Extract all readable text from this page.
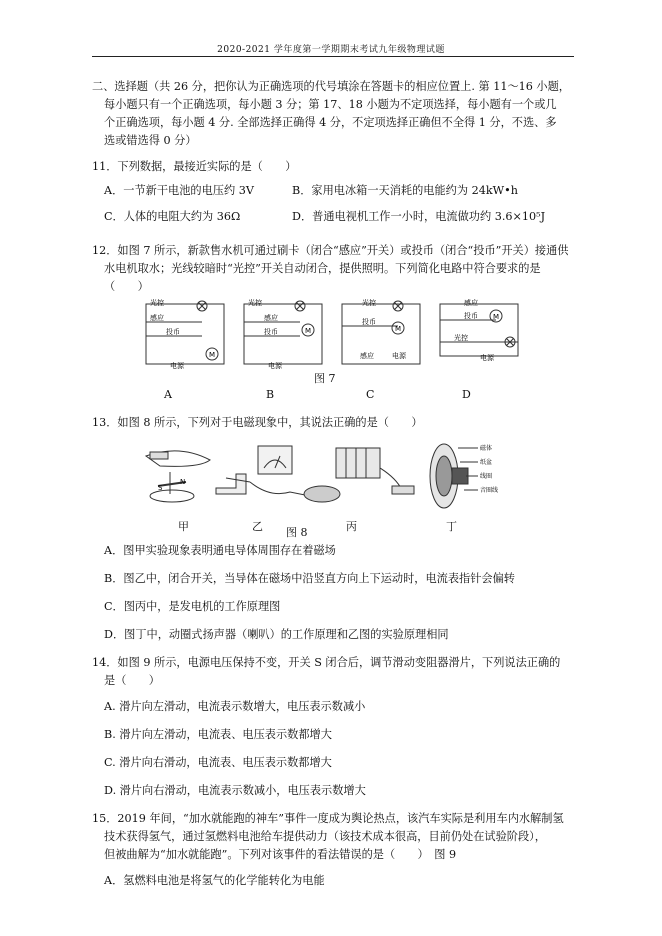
2020-2021 学年度第一学期期末考试九年级物理试题
二、选择题（共 26 分，把你认为正确选项的代号填涂在答题卡的相应位置上. 第 11～16 小题，
每小题只有一个正确选项，每小题 3 分；第 17、18 小题为不定项选择，每小题有一个或几
个正确选项，每小题 4 分. 全部选择正确得 4 分，不定项选择正确但不全得 1 分，不选、多
选或错选得 0 分）
11．下列数据，最接近实际的是（　　）
A．一节新干电池的电压约 3V	B．家用电冰箱一天消耗的电能约为 24kW•h
C．人体的电阻大约为 36Ω	D．普通电视机工作一小时，电流做功约 3.6×10⁵J
12．如图 7 所示，新款售水机可通过刷卡（闭合“感应”开关）或投币（闭合“投币”开关）接通供
水电机取水；光线较暗时“光控”开关自动闭合，提供照明。下列简化电路中符合要求的是
（　　）
光控
感应
投币
电源
M
光控
感应
投币
电源
M
光控
投币
感应	电源
M
感应
投币
光控
电源
M
图 7
A	B	C	D
13．如图 8 所示，下列对于电磁现象中，其说法正确的是（　　）
S
N
磁体
纸盆
线圈
音圈线
甲	乙	丙	丁
图 8
A．图甲实验现象表明通电导体周围存在着磁场
B．图乙中，闭合开关，当导体在磁场中沿竖直方向上下运动时，电流表指针会偏转
C．图丙中，是发电机的工作原理图
D．图丁中，动圈式扬声器（喇叭）的工作原理和乙图的实验原理相同
14．如图 9 所示，电源电压保持不变，开关 S 闭合后，调节滑动变阻器滑片，下列说法正确的
是（　　）
A. 滑片向左滑动，电流表示数增大，电压表示数减小
B. 滑片向左滑动，电流表、电压表示数都增大
C. 滑片向右滑动，电流表、电压表示数都增大
D. 滑片向右滑动，电流表示数减小，电压表示数增大
15．2019 年间，“加水就能跑的神车”事件一度成为舆论热点，该汽车实际是利用车内水解制氢
技术获得氢气，通过氢燃料电池给车提供动力（该技术成本很高，目前仍处在试验阶段），
但被曲解为“加水就能跑”。下列对该事件的看法错误的是（　　）　图 9
A．氢燃料电池是将氢气的化学能转化为电能
